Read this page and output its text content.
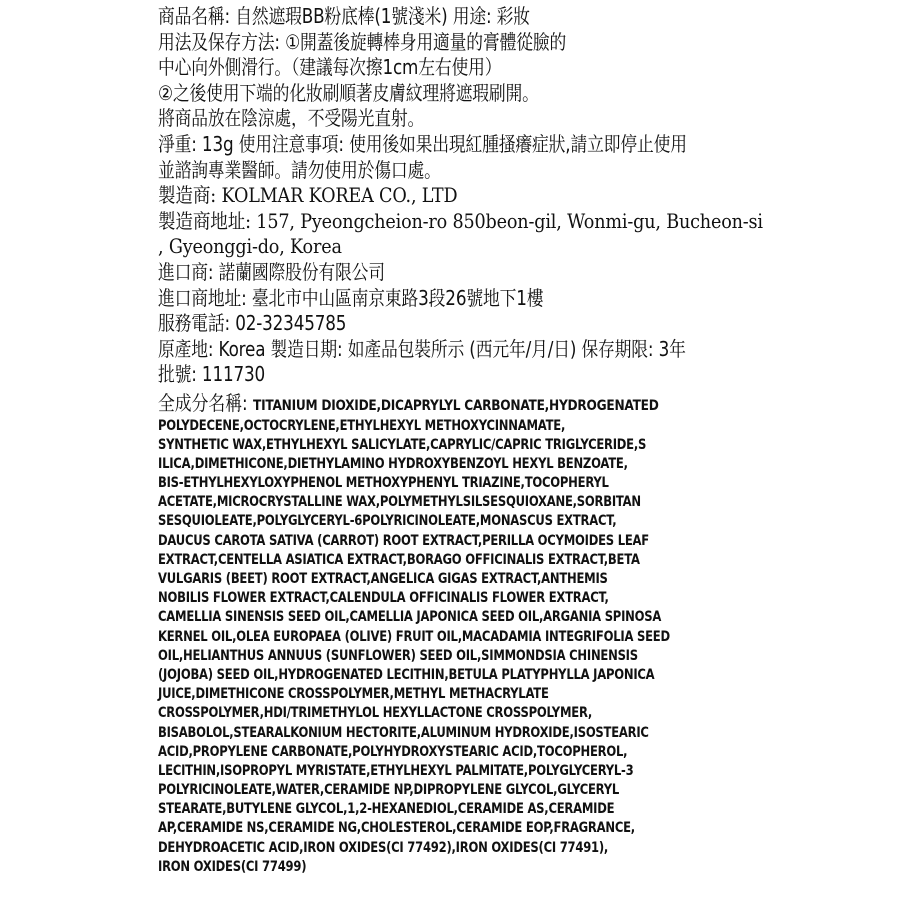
商品名稱: 自然遮瑕BB粉底棒(1號淺米) 用途: 彩妝
用法及保存方法: ①開蓋後旋轉棒身用適量的膏體從臉的
中心向外側滑行。（建議每次擦1cm左右使用）
②之後使用下端的化妝刷順著皮膚紋理將遮瑕刷開。
將商品放在陰涼處，不受陽光直射。
淨重: 13g 使用注意事項: 使用後如果出現紅腫搔癢症狀,請立即停止使用
並諮詢專業醫師。請勿使用於傷口處。
製造商: KOLMAR KOREA CO., LTD
製造商地址: 157, Pyeongcheion-ro 850beon-gil, Wonmi-gu, Bucheon-si
, Gyeonggi-do, Korea
進口商: 諾蘭國際股份有限公司
進口商地址: 臺北市中山區南京東路3段26號地下1樓
服務電話: 02-32345785
原產地: Korea 製造日期: 如產品包裝所示 (西元年/月/日) 保存期限: 3年
批號: 111730
全成分名稱: TITANIUM DIOXIDE,DICAPRYLYL CARBONATE,HYDROGENATED
POLYDECENE,OCTOCRYLENE,ETHYLHEXYL METHOXYCINNAMATE,
SYNTHETIC WAX,ETHYLHEXYL SALICYLATE,CAPRYLIC/CAPRIC TRIGLYCERIDE,S
ILICA,DIMETHICONE,DIETHYLAMINO HYDROXYBENZOYL HEXYL BENZOATE,
BIS-ETHYLHEXYLOXYPHENOL METHOXYPHENYL TRIAZINE,TOCOPHERYL
ACETATE,MICROCRYSTALLINE WAX,POLYMETHYLSILSESQUIOXANE,SORBITAN
SESQUIOLEATE,POLYGLYCERYL-6POLYRICINOLEATE,MONASCUS EXTRACT,
DAUCUS CAROTA SATIVA (CARROT) ROOT EXTRACT,PERILLA OCYMOIDES LEAF
EXTRACT,CENTELLA ASIATICA EXTRACT,BORAGO OFFICINALIS EXTRACT,BETA
VULGARIS (BEET) ROOT EXTRACT,ANGELICA GIGAS EXTRACT,ANTHEMIS
NOBILIS FLOWER EXTRACT,CALENDULA OFFICINALIS FLOWER EXTRACT,
CAMELLIA SINENSIS SEED OIL,CAMELLIA JAPONICA SEED OIL,ARGANIA SPINOSA
KERNEL OIL,OLEA EUROPAEA (OLIVE) FRUIT OIL,MACADAMIA INTEGRIFOLIA SEED
OIL,HELIANTHUS ANNUUS (SUNFLOWER) SEED OIL,SIMMONDSIA CHINENSIS
(JOJOBA) SEED OIL,HYDROGENATED LECITHIN,BETULA PLATYPHYLLA JAPONICA
JUICE,DIMETHICONE CROSSPOLYMER,METHYL METHACRYLATE
CROSSPOLYMER,HDI/TRIMETHYLOL HEXYLLACTONE CROSSPOLYMER,
BISABOLOL,STEARALKONIUM HECTORITE,ALUMINUM HYDROXIDE,ISOSTEARIC
ACID,PROPYLENE CARBONATE,POLYHYDROXYSTEARIC ACID,TOCOPHEROL,
LECITHIN,ISOPROPYL MYRISTATE,ETHYLHEXYL PALMITATE,POLYGLYCERYL-3
POLYRICINOLEATE,WATER,CERAMIDE NP,DIPROPYLENE GLYCOL,GLYCERYL
STEARATE,BUTYLENE GLYCOL,1,2-HEXANEDIOL,CERAMIDE AS,CERAMIDE
AP,CERAMIDE NS,CERAMIDE NG,CHOLESTEROL,CERAMIDE EOP,FRAGRANCE,
DEHYDROACETIC ACID,IRON OXIDES(CI 77492),IRON OXIDES(CI 77491),
IRON OXIDES(CI 77499)
